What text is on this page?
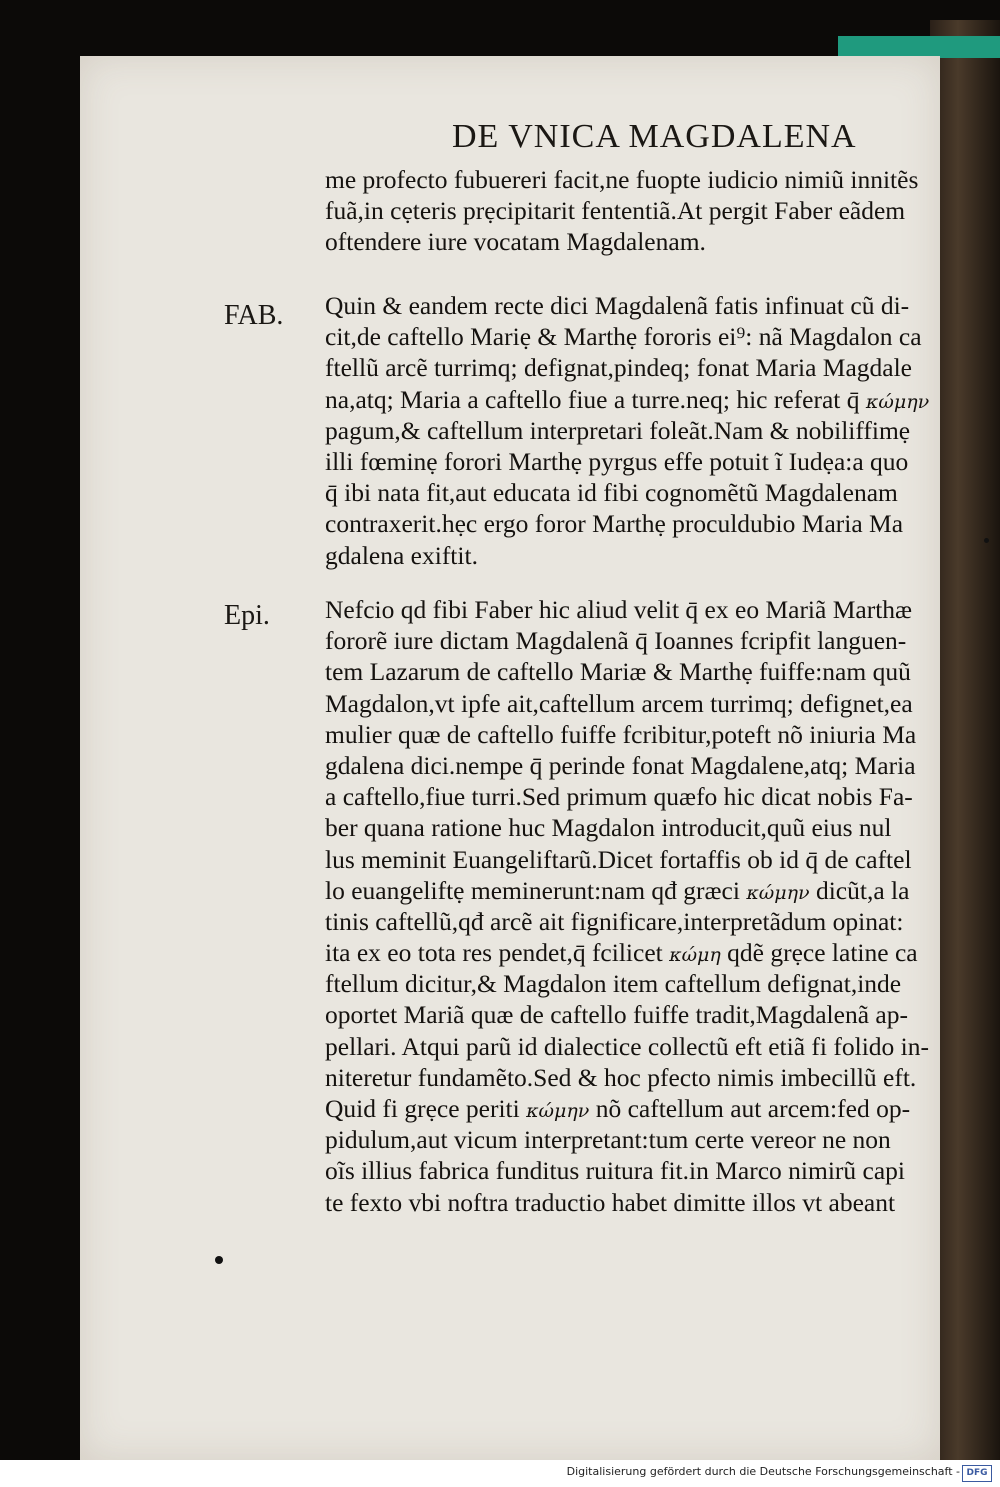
DE VNICA MAGDALENA
me profecto fubuereri facit,ne fuopte iudicio nimiũ innitẽs
fuã,in cẹteris prẹcipitarit fententiã.At pergit Faber eãdem
oftendere iure vocatam Magdalenam.
FAB. Quin & eandem recte dici Magdalenã fatis infinuat cũ di-
cit,de caftello Mariẹ & Marthẹ fororis ei⁹: nã Magdalon ca
ftellũ arcẽ turrimq; defignat,pindeq; fonat Maria Magdale
na,atq; Maria a caftello fiue a turre.neq; hic referat q̄ κώμην
pagum,& caftellum interpretari foleãt.Nam & nobiliffimẹ
illi fœminẹ forori Marthẹ pyrgus effe potuit ĩ Iudẹa:a quo
q̄ ibi nata fit,aut educata id fibi cognomẽtũ Magdalenam
contraxerit.hẹc ergo foror Marthẹ proculdubio Maria Ma
gdalena exiftit.
Epi. Nefcio qd fibi Faber hic aliud velit q̄ ex eo Mariã Marthæ
fororẽ iure dictam Magdalenã q̄ Ioannes fcripfit languen-
tem Lazarum de caftello Mariæ & Marthẹ fuiffe:nam quũ
Magdalon,vt ipfe ait,caftellum arcem turrimq; defignet,ea
mulier quæ de caftello fuiffe fcribitur,poteft nõ iniuria Ma
gdalena dici.nempe q̄ perinde fonat Magdalene,atq; Maria
a caftello,fiue turri.Sed primum quæfo hic dicat nobis Fa-
ber quana ratione huc Magdalon introducit,quũ eius nul
lus meminit Euangeliftarũ.Dicet fortaffis ob id q̄ de caftel
lo euangeliftẹ meminerunt:nam qđ græci κώμην dicũt,a la
tinis caftellũ,qđ arcẽ ait fignificare,interpretãdum opinat:
ita ex eo tota res pendet,q̄ fcilicet κώμη qdẽ grẹce latine ca
ftellum dicitur,& Magdalon item caftellum defignat,inde
oportet Mariã quæ de caftello fuiffe tradit,Magdalenã ap-
pellari. Atqui parũ id dialectice collectũ eft etiã fi folido in-
niteretur fundamẽto.Sed & hoc pfecto nimis imbecillũ eft.
Quid fi grẹce periti κώμην nõ caftellum aut arcem:fed op-
pidulum,aut vicum interpretant:tum certe vereor ne non
oĩs illius fabrica funditus ruitura fit.in Marco nimirũ capi
te fexto vbi noftra traductio habet dimitte illos vt abeant
Digitalisierung gefördert durch die Deutsche Forschungsgemeinschaft - DFG
